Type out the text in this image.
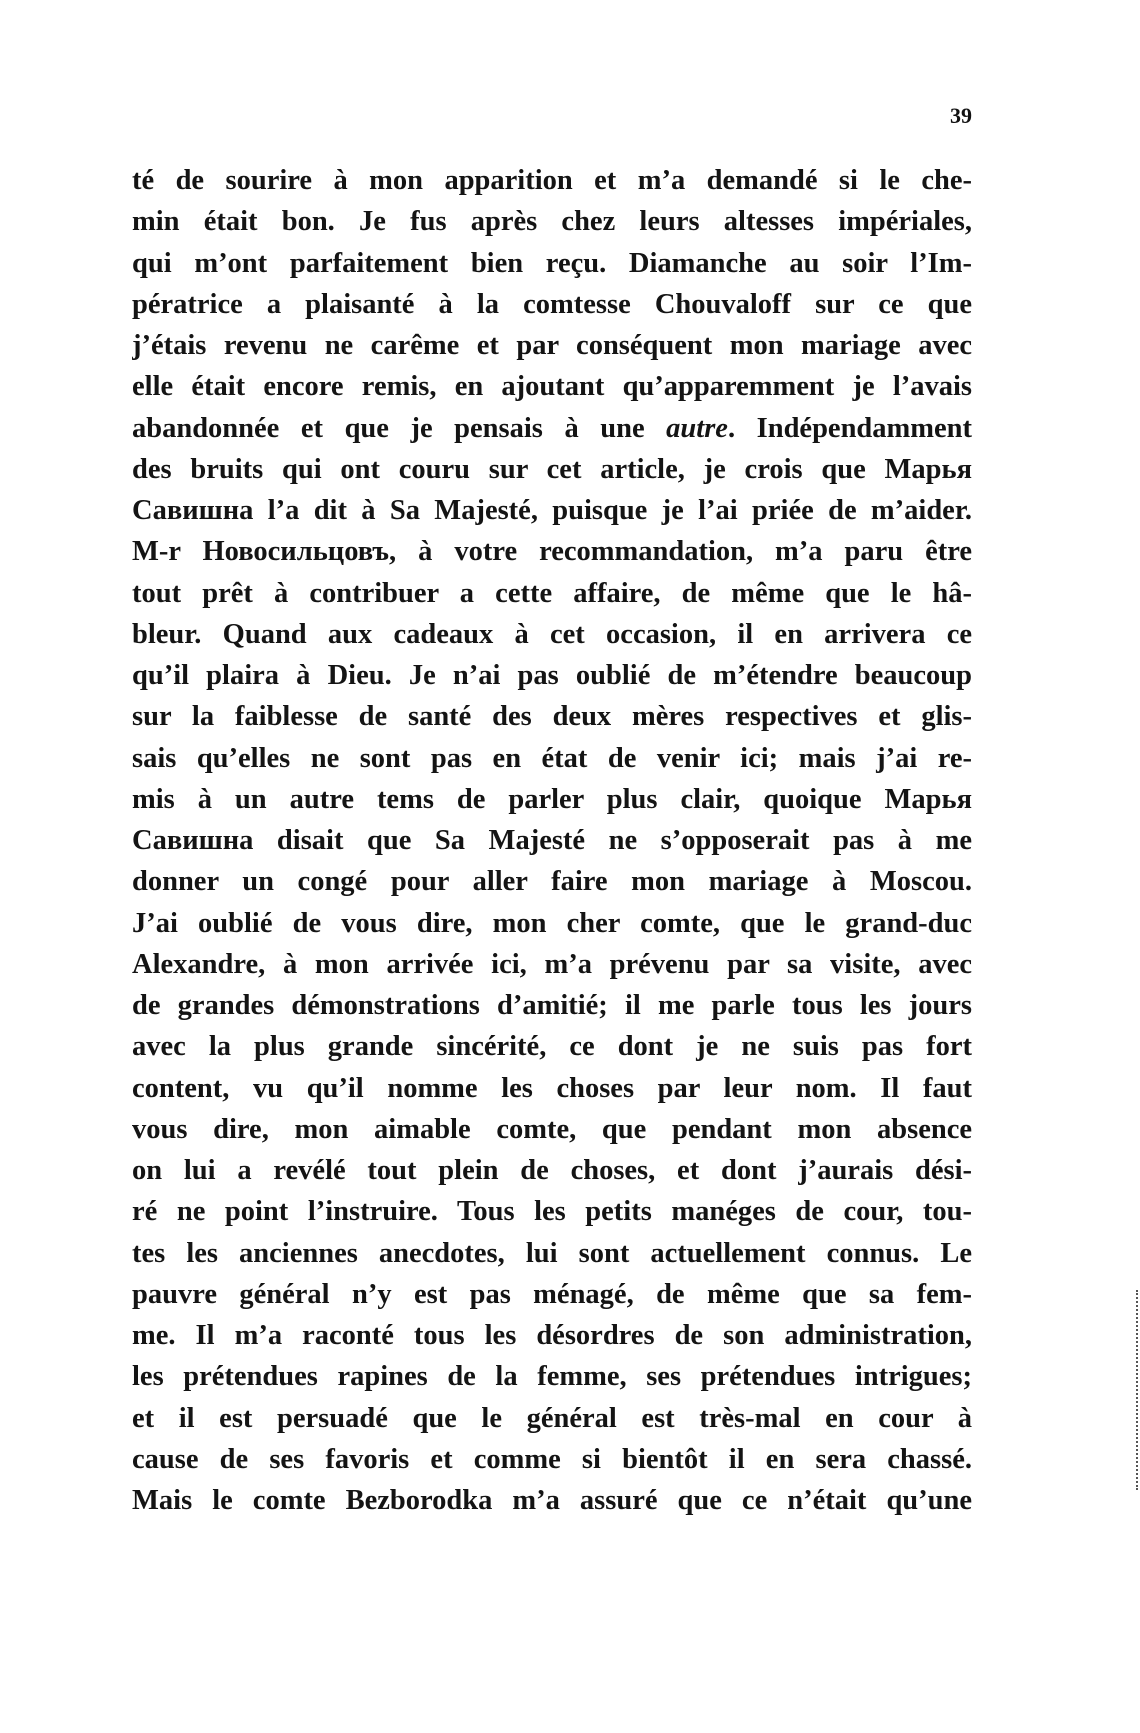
39
té de sourire à mon apparition et m’a demandé si le che-
min était bon. Je fus après chez leurs altesses impériales,
qui m’ont parfaitement bien reçu. Diamanche au soir l’Im-
pératrice a plaisanté à la comtesse Chouvaloff sur ce que
j’étais revenu ne carême et par conséquent mon mariage avec
elle était encore remis, en ajoutant qu’apparemment je l’avais
abandonnée et que je pensais à une autre. Indépendamment
des bruits qui ont couru sur cet article, je crois que Марья
Савишна l’a dit à Sa Majesté, puisque je l’ai priée de m’aider.
M-r Новосильцовъ, à votre recommandation, m’a paru être
tout prêt à contribuer a cette affaire, de même que le hâ-
bleur. Quand aux cadeaux à cet occasion, il en arrivera ce
qu’il plaira à Dieu. Je n’ai pas oublié de m’étendre beaucoup
sur la faiblesse de santé des deux mères respectives et glis-
sais qu’elles ne sont pas en état de venir ici; mais j’ai re-
mis à un autre tems de parler plus clair, quoique Марья
Савишна disait que Sa Majesté ne s’opposerait pas à me
donner un congé pour aller faire mon mariage à Moscou.
J’ai oublié de vous dire, mon cher comte, que le grand-duc
Alexandre, à mon arrivée ici, m’a prévenu par sa visite, avec
de grandes démonstrations d’amitié; il me parle tous les jours
avec la plus grande sincérité, ce dont je ne suis pas fort
content, vu qu’il nomme les choses par leur nom. Il faut
vous dire, mon aimable comte, que pendant mon absence
on lui a revélé tout plein de choses, et dont j’aurais dési-
ré ne point l’instruire. Tous les petits manéges de cour, tou-
tes les anciennes anecdotes, lui sont actuellement connus. Le
pauvre général n’y est pas ménagé, de même que sa fem-
me. Il m’a raconté tous les désordres de son administration,
les prétendues rapines de la femme, ses prétendues intrigues;
et il est persuadé que le général est très-mal en cour à
cause de ses favoris et comme si bientôt il en sera chassé.
Mais le comte Bezborodka m’a assuré que ce n’était qu’une
